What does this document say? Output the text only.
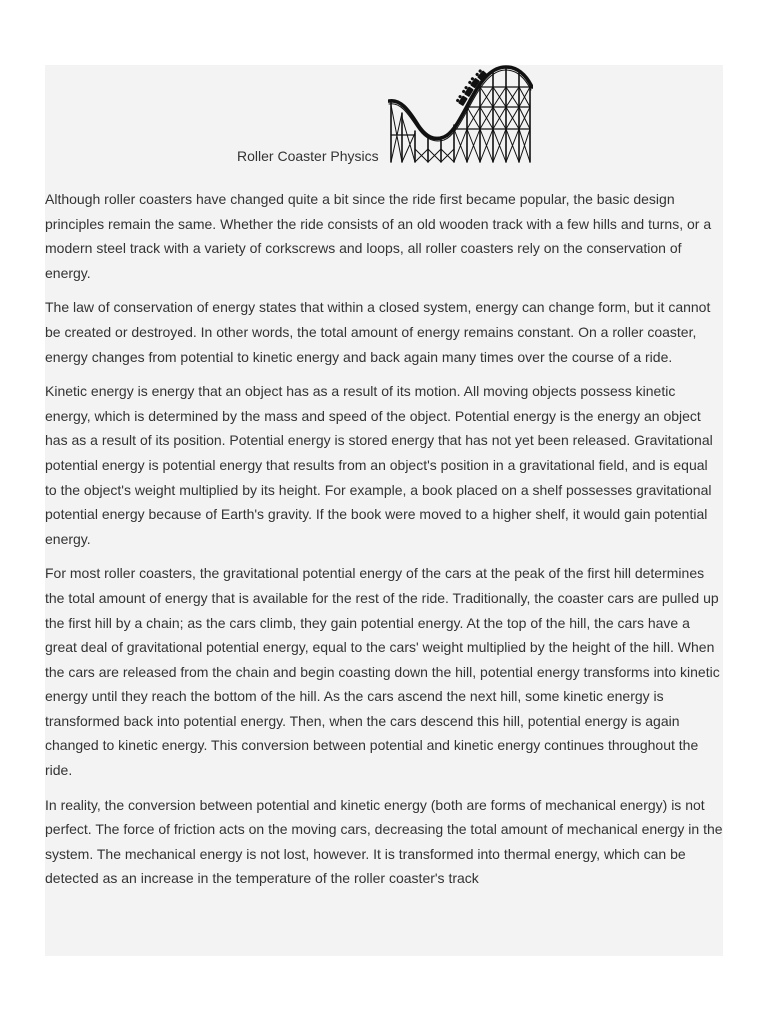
Roller Coaster Physics

Although roller coasters have changed quite a bit since the ride first became popular, the basic design principles remain the same. Whether the ride consists of an old wooden track with a few hills and turns, or a modern steel track with a variety of corkscrews and loops, all roller coasters rely on the conservation of energy.

The law of conservation of energy states that within a closed system, energy can change form, but it cannot be created or destroyed. In other words, the total amount of energy remains constant. On a roller coaster, energy changes from potential to kinetic energy and back again many times over the course of a ride.

Kinetic energy is energy that an object has as a result of its motion. All moving objects possess kinetic energy, which is determined by the mass and speed of the object. Potential energy is the energy an object has as a result of its position. Potential energy is stored energy that has not yet been released. Gravitational potential energy is potential energy that results from an object's position in a gravitational field, and is equal to the object's weight multiplied by its height. For example, a book placed on a shelf possesses gravitational potential energy because of Earth's gravity. If the book were moved to a higher shelf, it would gain potential energy.

For most roller coasters, the gravitational potential energy of the cars at the peak of the first hill determines the total amount of energy that is available for the rest of the ride. Traditionally, the coaster cars are pulled up the first hill by a chain; as the cars climb, they gain potential energy. At the top of the hill, the cars have a great deal of gravitational potential energy, equal to the cars' weight multiplied by the height of the hill. When the cars are released from the chain and begin coasting down the hill, potential energy transforms into kinetic energy until they reach the bottom of the hill. As the cars ascend the next hill, some kinetic energy is transformed back into potential energy. Then, when the cars descend this hill, potential energy is again changed to kinetic energy. This conversion between potential and kinetic energy continues throughout the ride.

In reality, the conversion between potential and kinetic energy (both are forms of mechanical energy) is not perfect. The force of friction acts on the moving cars, decreasing the total amount of mechanical energy in the system. The mechanical energy is not lost, however. It is transformed into thermal energy, which can be detected as an increase in the temperature of the roller coaster's track
